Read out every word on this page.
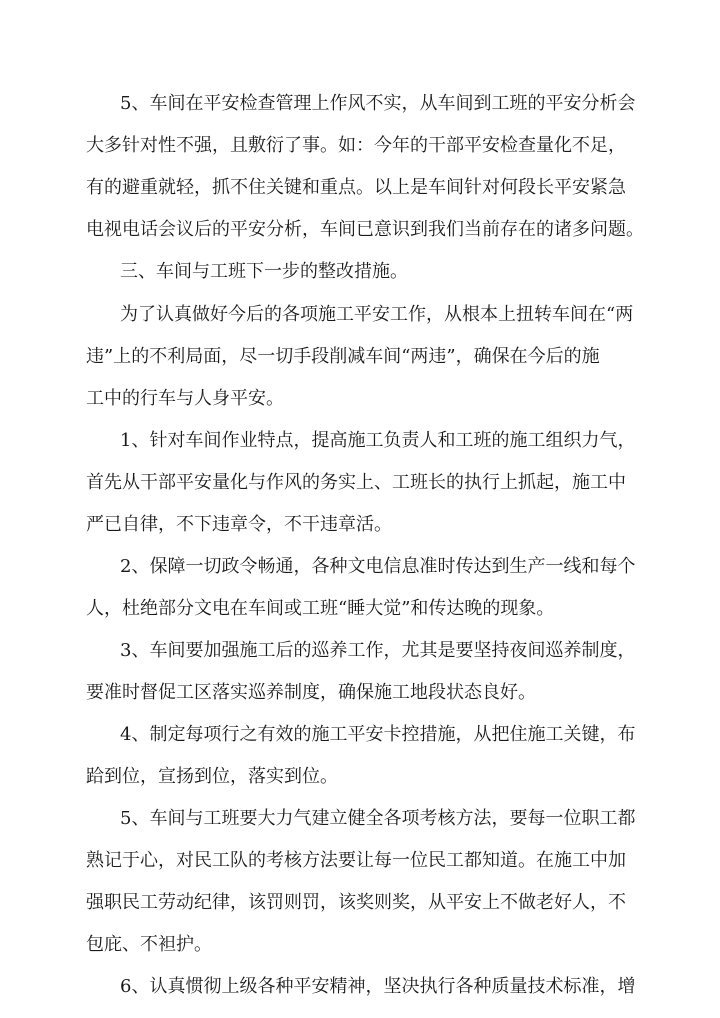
5、车间在平安检查管理上作风不实，从车间到工班的平安分析会
大多针对性不强，且敷衍了事。如：今年的干部平安检查量化不足，
有的避重就轻，抓不住关键和重点。以上是车间针对何段长平安紧急
电视电话会议后的平安分析，车间已意识到我们当前存在的诸多问题。
三、车间与工班下一步的整改措施。
为了认真做好今后的各项施工平安工作，从根本上扭转车间在“两
违”上的不利局面，尽一切手段削减车间“两违”，确保在今后的施
工中的行车与人身平安。
1、针对车间作业特点，提高施工负责人和工班的施工组织力气，
首先从干部平安量化与作风的务实上、工班长的执行上抓起，施工中
严已自律，不下违章令，不干违章活。
2、保障一切政令畅通，各种文电信息准时传达到生产一线和每个
人，杜绝部分文电在车间或工班“睡大觉”和传达晚的现象。
3、车间要加强施工后的巡养工作，尤其是要坚持夜间巡养制度，
要准时督促工区落实巡养制度，确保施工地段状态良好。
4、制定每项行之有效的施工平安卡控措施，从把住施工关键，布
跲到位，宣扬到位，落实到位。
5、车间与工班要大力气建立健全各项考核方法，要每一位职工都
熟记于心，对民工队的考核方法要让每一位民工都知道。在施工中加
强职民工劳动纪律，该罚则罚，该奖则奖，从平安上不做老好人，不
包庇、不袒护。
6、认真惯彻上级各种平安精神，坚决执行各种质量技术标准，增
